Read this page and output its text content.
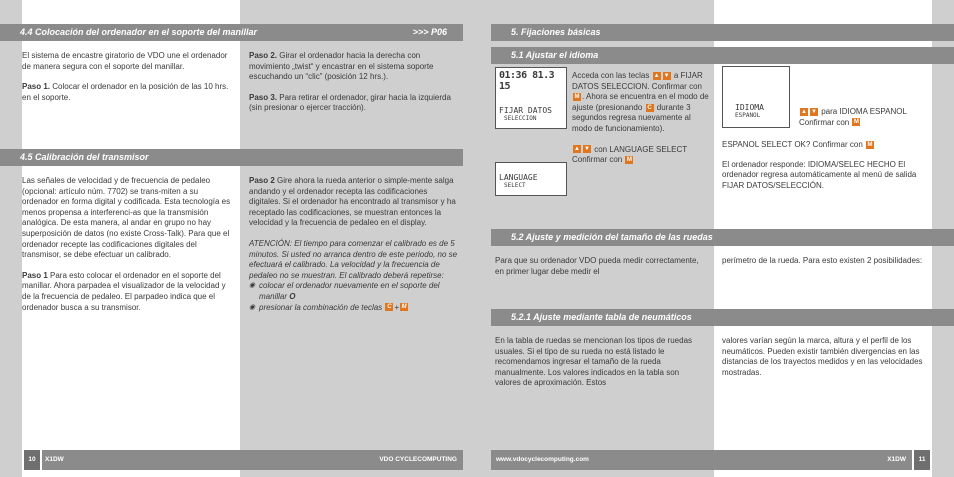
E P NL DK
4.4 Colocación del ordenador en el soporte del manillar	>>> P06

El sistema de encastre giratorio de VDO une el ordenador de manera segura con el soporte del manillar.

Paso 1. Colocar el ordenador en la posición de las 10 hrs. en el soporte.

Paso 2. Girar el ordenador hacia la derecha con movimiento „twist“ y encastrar en el sistema soporte escuchando un “clic” (posición 12 hrs.).

Paso 3. Para retirar el ordenador, girar hacia la izquierda (sin presionar o ejercer tracción).

4.5 Calibración del transmisor

Las señales de velocidad y de frecuencia de pedaleo (opcional: artículo núm. 7702) se trans-miten a su ordenador en forma digital y codificada. Esta tecnología es menos propensa a interferenci-as que la transmisión analógica. De esta manera, al andar en grupo no hay superposición de datos (no existe Cross-Talk). Para que el ordenador recepte las codificaciones digitales del transmisor, se debe efectuar un calibrado.

Paso 1 Para esto colocar el ordenador en el soporte del manillar. Ahora parpadea el visualizador de la velocidad y de la frecuencia de pedaleo. El parpadeo indica que el ordenador busca a su transmisor.

Paso 2 Gire ahora la rueda anterior o simple-mente salga andando y el ordenador recepta las codificaciones digitales. Si el ordenador ha encontrado al transmisor y ha receptado las codificaciones, se muestran entonces la velocidad y la frecuencia de pedaleo en el display.

ATENCIÓN: El tiempo para comenzar el calibrado es de 5 minutos. Si usted no arranca dentro de este periodo, no se efectuará el calibrado. La velocidad y la frecuencia de pedaleo no se muestran. El calibrado deberá repetirse:

◉ colocar el ordenador nuevamente en el soporte del manillar O
◉ presionar la combinación de teclas C + M
10	X1DW	VDO CYCLECOMPUTING
DK NL P E
5. Fijaciones básicas
5.1 Ajustar el idioma
01:36 81.3 15
FIJAR DATOS
SELECCION
LANGUAGE
SELECT

Acceda con las teclas ▲ ▼ a FIJAR DATOS SELECCION. Confirmar con M . Ahora se encuentra en el modo de ajuste (presionando C durante 3 segundos regresa nuevamente al modo de funcionamiento).

▲ ▼ con LANGUAGE SELECT Confirmar con M

IDIOMA
ESPANOL
▲ ▼ para IDIOMA ESPANOL Confirmar con M

ESPANOL SELECT OK? Confirmar con M

El ordenador responde: IDIOMA/SELEC HECHO El ordenador regresa automáticamente al menú de salida FIJAR DATOS/SELECCIÓN.

5.2 Ajuste y medición del tamaño de las ruedas

Para que su ordenador VDO pueda medir correctamente, en primer lugar debe medir el

perímetro de la rueda. Para esto existen 2 posibilidades:

5.2.1 Ajuste mediante tabla de neumáticos

En la tabla de ruedas se mencionan los tipos de ruedas usuales. Si el tipo de su rueda no está listado le recomendamos ingresar el tamaño de la rueda manualmente. Los valores indicados en la tabla son valores de aproximación. Estos

valores varían según la marca, altura y el perfil de los neumáticos. Pueden existir también divergencias en las distancias de los trayectos medidos y en las velocidades mostradas.

www.vdocyclecomputing.com	X1DW	11
